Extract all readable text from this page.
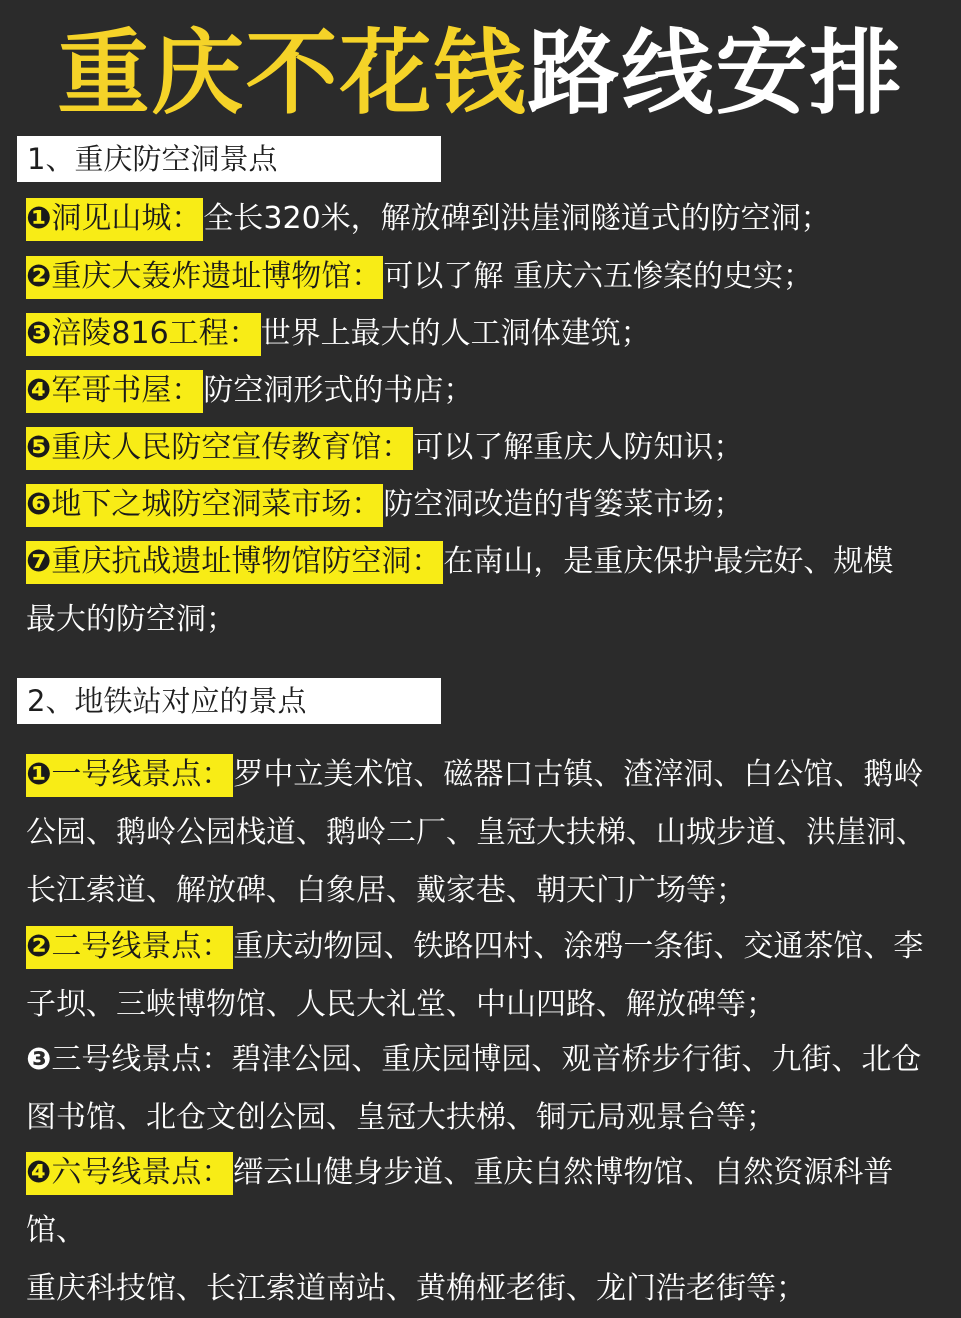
重庆不花钱路线安排
1、重庆防空洞景点
❶洞见山城：全长320米，解放碑到洪崖洞隧道式的防空洞；
❷重庆大轰炸遗址博物馆：可以了解 重庆六五惨案的史实；
❸涪陵816工程：世界上最大的人工洞体建筑；
❹军哥书屋：防空洞形式的书店；
❺重庆人民防空宣传教育馆：可以了解重庆人防知识；
❻地下之城防空洞菜市场：防空洞改造的背篓菜市场；
❼重庆抗战遗址博物馆防空洞：在南山，是重庆保护最完好、规模
最大的防空洞；
2、地铁站对应的景点
❶一号线景点：罗中立美术馆、磁器口古镇、渣滓洞、白公馆、鹅岭
公园、鹅岭公园栈道、鹅岭二厂、皇冠大扶梯、山城步道、洪崖洞、
长江索道、解放碑、白象居、戴家巷、朝天门广场等；
❷二号线景点：重庆动物园、铁路四村、涂鸦一条街、交通茶馆、李
子坝、三峡博物馆、人民大礼堂、中山四路、解放碑等；
❸三号线景点：碧津公园、重庆园博园、观音桥步行街、九街、北仓
图书馆、北仓文创公园、皇冠大扶梯、铜元局观景台等；
❹六号线景点：缙云山健身步道、重庆自然博物馆、自然资源科普馆、
重庆科技馆、长江索道南站、黄桷桠老街、龙门浩老街等；
